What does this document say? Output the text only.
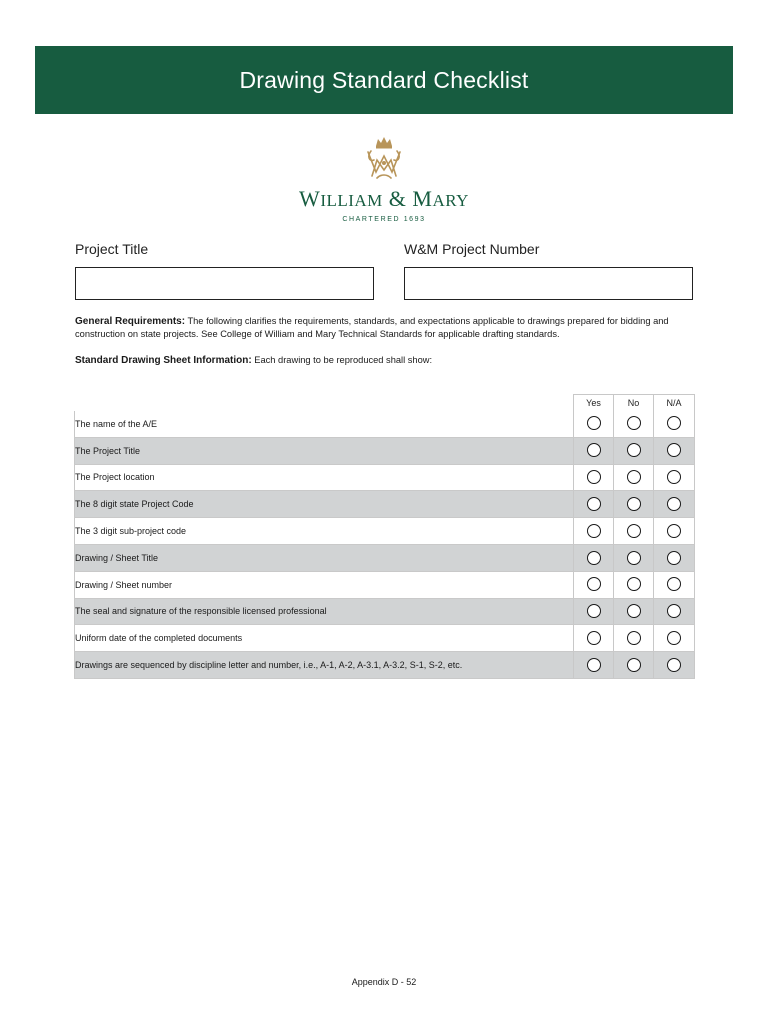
Drawing Standard Checklist
WILLIAM & MARY
CHARTERED 1693
Project Title	W&M Project Number
General Requirements: The following clarifies the requirements, standards, and expectations applicable to drawings prepared for bidding and construction on state projects. See College of William and Mary Technical Standards for applicable drafting standards.
Standard Drawing Sheet Information: Each drawing to be reproduced shall show:
	Yes	No	N/A
The name of the A/E			
The Project Title			
The Project location			
The 8 digit state Project Code			
The 3 digit sub-project code			
Drawing / Sheet Title			
Drawing / Sheet number			
The seal and signature of the responsible licensed professional			
Uniform date of the completed documents			
Drawings are sequenced by discipline letter and number, i.e., A-1, A-2, A-3.1, A-3.2, S-1, S-2, etc.			
Appendix D - 52
